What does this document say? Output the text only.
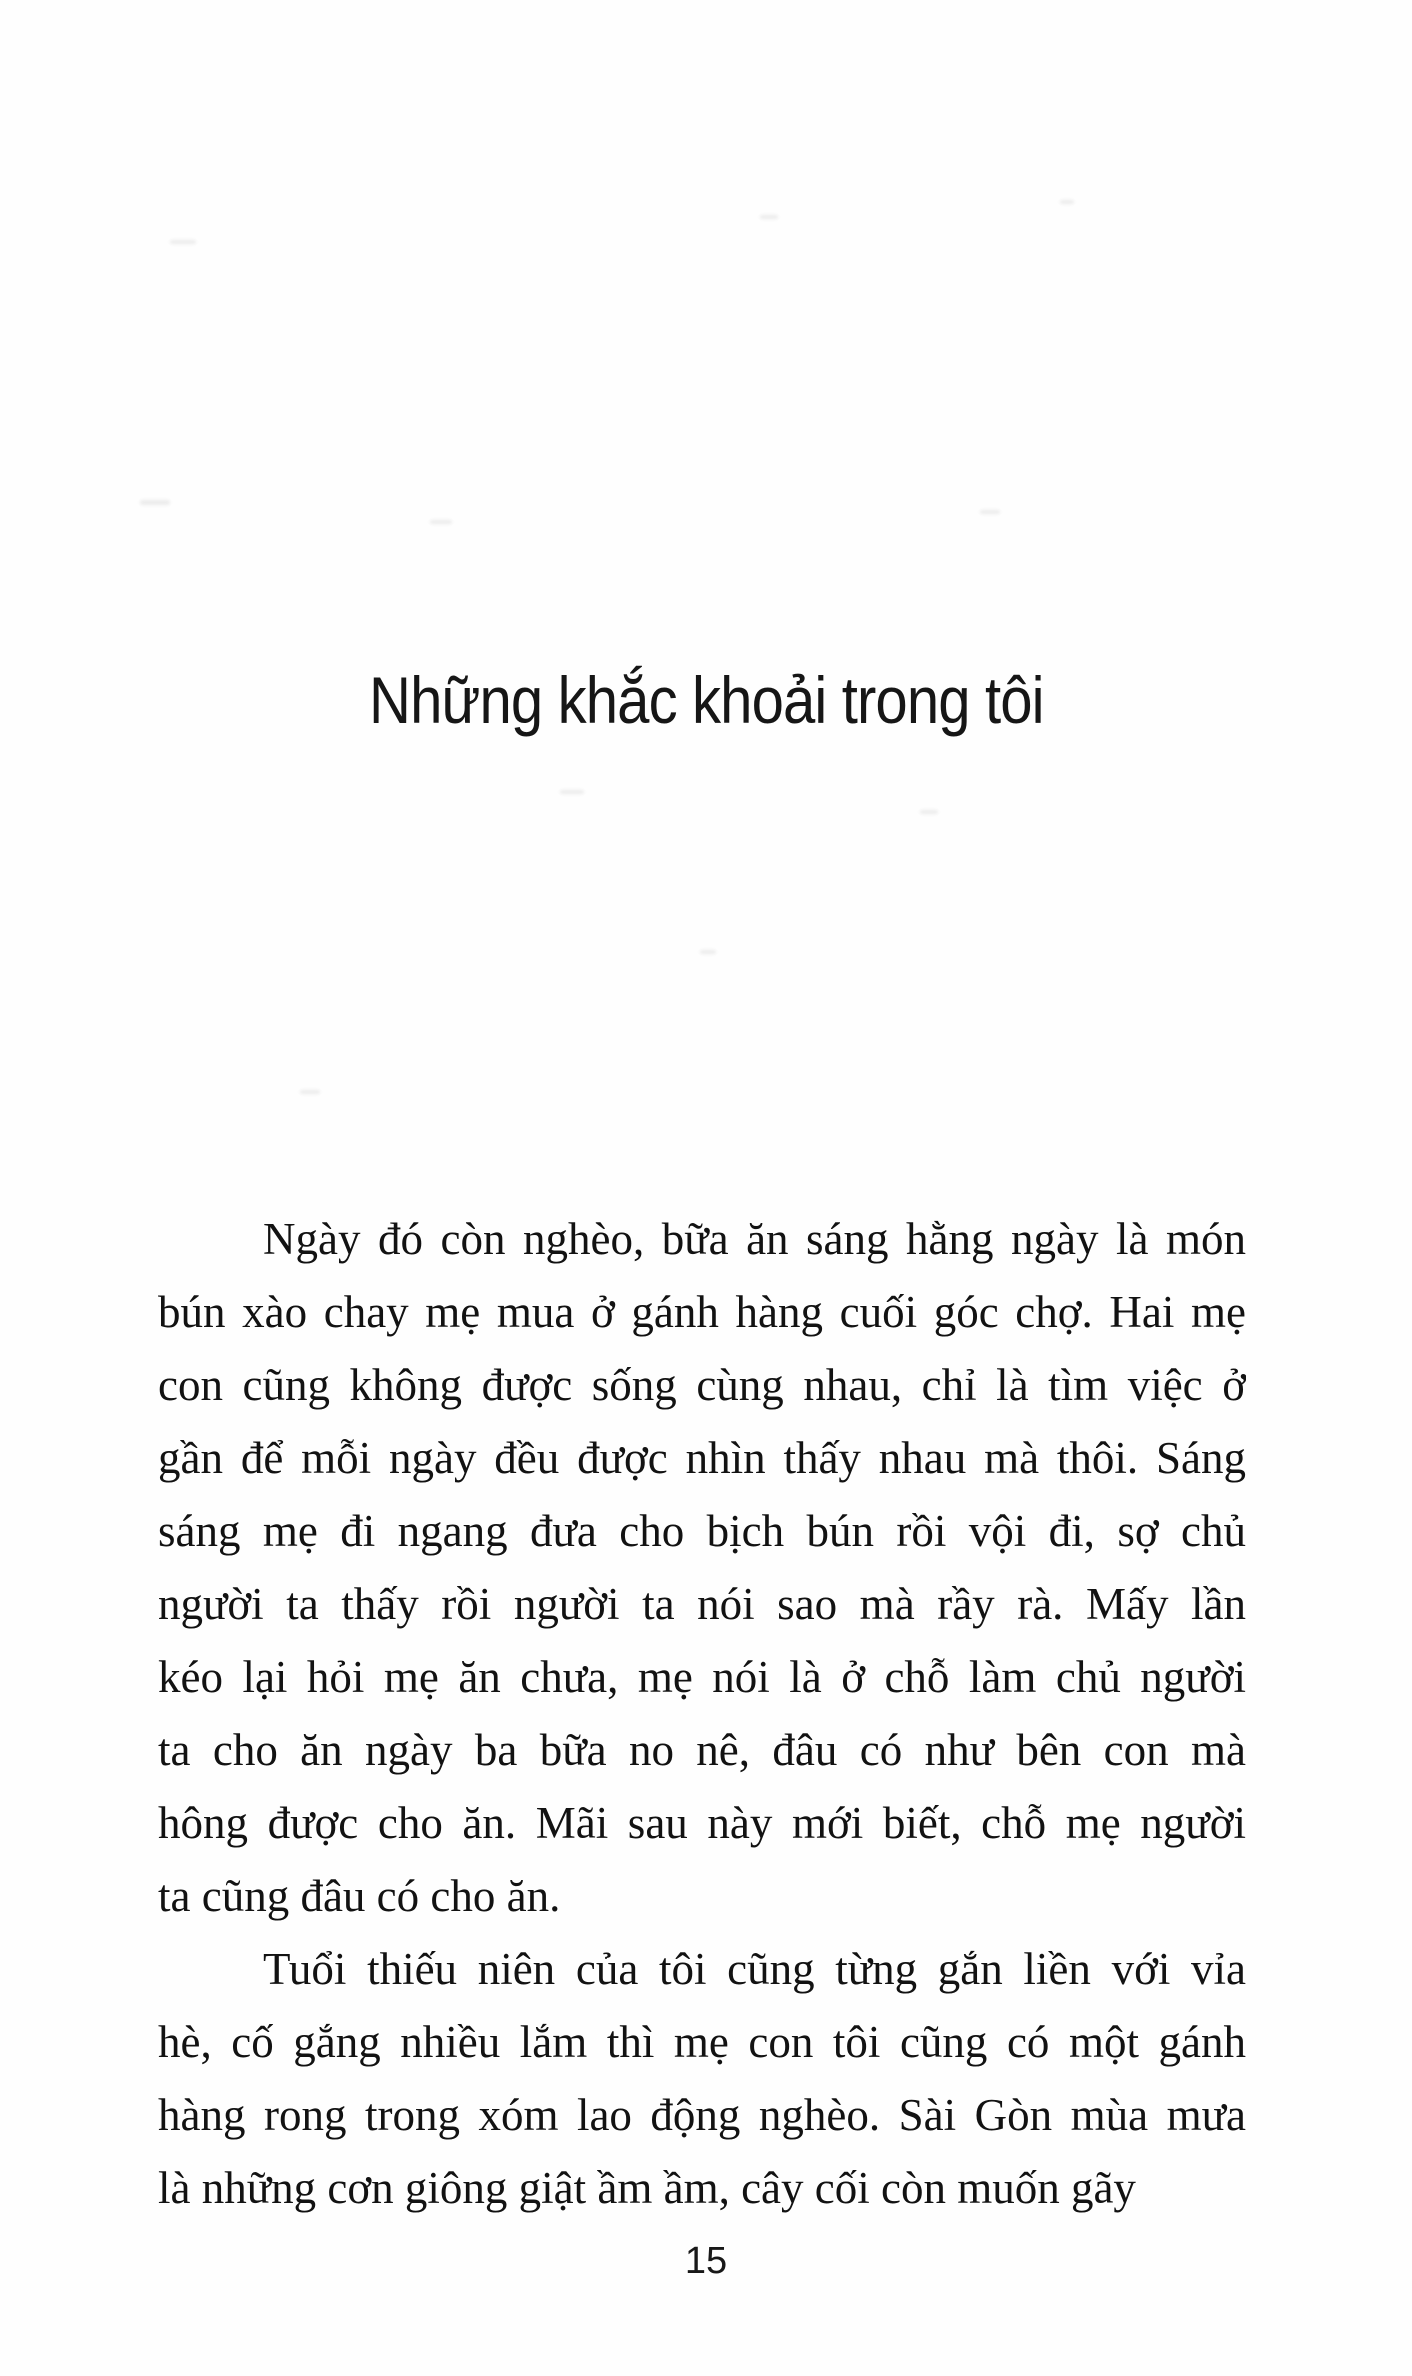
Những khắc khoải trong tôi
Ngày đó còn nghèo, bữa ăn sáng hằng ngày là món
bún xào chay mẹ mua ở gánh hàng cuối góc chợ. Hai mẹ
con cũng không được sống cùng nhau, chỉ là tìm việc ở
gần để mỗi ngày đều được nhìn thấy nhau mà thôi. Sáng
sáng mẹ đi ngang đưa cho bịch bún rồi vội đi, sợ chủ
người ta thấy rồi người ta nói sao mà rầy rà. Mấy lần
kéo lại hỏi mẹ ăn chưa, mẹ nói là ở chỗ làm chủ người
ta cho ăn ngày ba bữa no nê, đâu có như bên con mà
hông được cho ăn. Mãi sau này mới biết, chỗ mẹ người
ta cũng đâu có cho ăn.
Tuổi thiếu niên của tôi cũng từng gắn liền với vỉa
hè, cố gắng nhiều lắm thì mẹ con tôi cũng có một gánh
hàng rong trong xóm lao động nghèo. Sài Gòn mùa mưa
là những cơn giông giật ầm ầm, cây cối còn muốn gãy
15
